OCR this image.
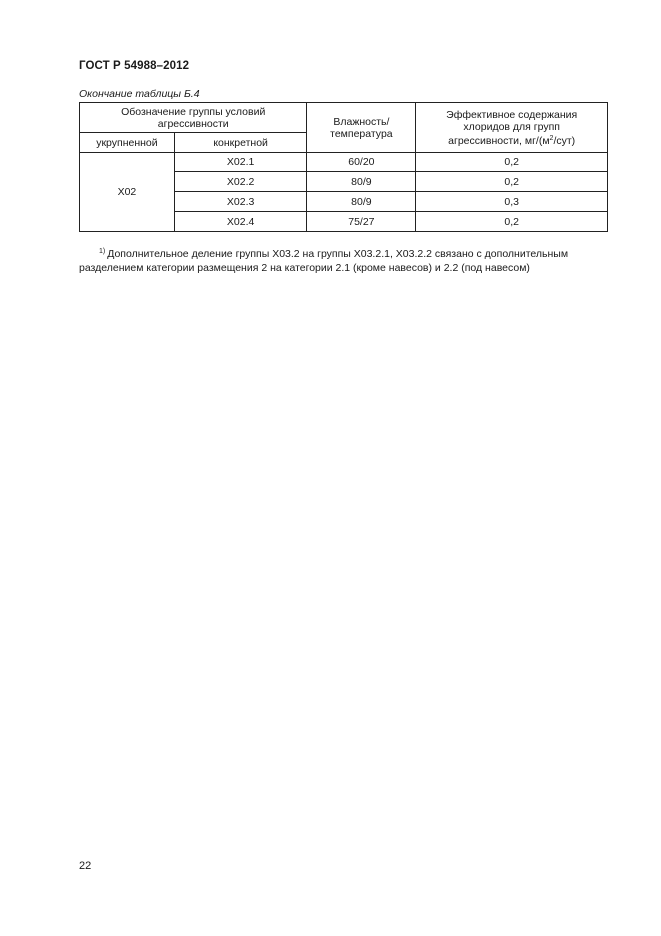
ГОСТ Р 54988–2012
Окончание таблицы Б.4
Обозначение группы условий агрессивности		Влажность/ температура	Эффективное содержания хлоридов для групп агрессивности, $мг/(м^2/сут)$
укрупненной	конкретной		
Х02	Х02.1	60/20	0,2
	Х02.2	80/9	0,2
	Х02.3	80/9	0,3
	Х02.4	75/27	0,2
$^{1)}$ Дополнительное деление группы Х03.2 на группы Х03.2.1, Х03.2.2 связано с дополнительным разделением категории размещения 2 на категории 2.1 (кроме навесов) и 2.2 (под навесом)
22
